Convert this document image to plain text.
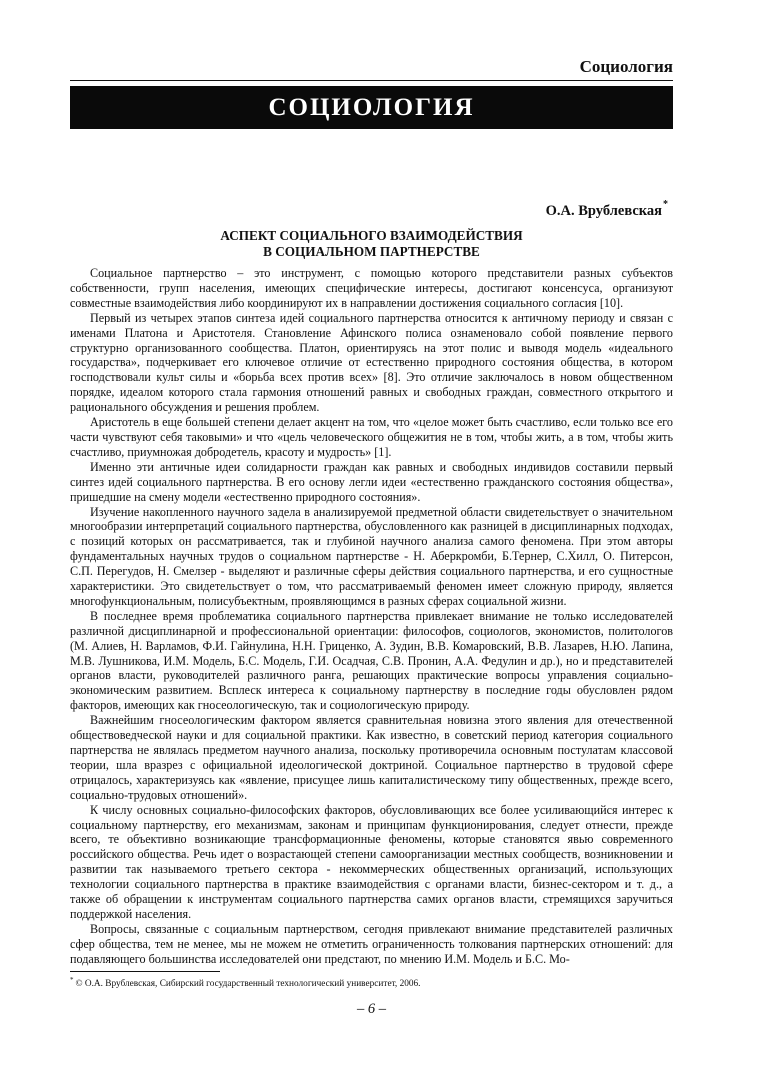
Социология
СОЦИОЛОГИЯ
О.А. Врублевская*
АСПЕКТ СОЦИАЛЬНОГО ВЗАИМОДЕЙСТВИЯ
В СОЦИАЛЬНОМ ПАРТНЕРСТВЕ

Социальное партнерство – это инструмент, с помощью которого представители разных субъектов собственности, групп населения, имеющих специфические интересы, достигают консенсуса, организуют совместные взаимодействия либо координируют их в направлении достижения социального согласия [10].

Первый из четырех этапов синтеза идей социального партнерства относится к античному периоду и связан с именами Платона и Аристотеля. Становление Афинского полиса ознаменовало собой появление первого структурно организованного сообщества. Платон, ориентируясь на этот полис и выводя модель «идеального государства», подчеркивает его ключевое отличие от естественно природного состояния общества, в котором господствовали культ силы и «борьба всех против всех» [8]. Это отличие заключалось в новом общественном порядке, идеалом которого стала гармония отношений равных и свободных граждан, совместного открытого и рационального обсуждения и решения проблем.

Аристотель в еще большей степени делает акцент на том, что «целое может быть счастливо, если только все его части чувствуют себя таковыми» и что «цель человеческого общежития не в том, чтобы жить, а в том, чтобы жить счастливо, приумножая добродетель, красоту и мудрость» [1].

Именно эти античные идеи солидарности граждан как равных и свободных индивидов составили первый синтез идей социального партнерства. В его основу легли идеи «естественно гражданского состояния общества», пришедшие на смену модели «естественно природного состояния».

Изучение накопленного научного задела в анализируемой предметной области свидетельствует о значительном многообразии интерпретаций социального партнерства, обусловленного как разницей в дисциплинарных подходах, с позиций которых он рассматривается, так и глубиной научного анализа самого феномена. При этом авторы фундаментальных научных трудов о социальном партнерстве - Н. Аберкромби, Б.Тернер, С.Хилл, О. Питерсон, С.П. Перегудов, Н. Смелзер - выделяют и различные сферы действия социального партнерства, и его сущностные характеристики. Это свидетельствует о том, что рассматриваемый феномен имеет сложную природу, является многофункциональным, полисубъектным, проявляющимся в разных сферах социальной жизни.

В последнее время проблематика социального партнерства привлекает внимание не только исследователей различной дисциплинарной и профессиональной ориентации: философов, социологов, экономистов, политологов (М. Алиев, Н. Варламов, Ф.И. Гайнулина, Н.Н. Гриценко, А. Зудин, В.В. Комаровский, В.В. Лазарев, Н.Ю. Лапина, М.В. Лушникова, И.М. Модель, Б.С. Модель, Г.И. Осадчая, С.В. Пронин, А.А. Федулин и др.), но и представителей органов власти, руководителей различного ранга, решающих практические вопросы управления социально-экономическим развитием. Всплеск интереса к социальному партнерству в последние годы обусловлен рядом факторов, имеющих как гносеологическую, так и социологическую природу.

Важнейшим гносеологическим фактором является сравнительная новизна этого явления для отечественной обществоведческой науки и для социальной практики. Как известно, в советский период категория социального партнерства не являлась предметом научного анализа, поскольку противоречила основным постулатам классовой теории, шла вразрез с официальной идеологической доктриной. Социальное партнерство в трудовой сфере отрицалось, характеризуясь как «явление, присущее лишь капиталистическому типу общественных, прежде всего, социально-трудовых отношений».

К числу основных социально-философских факторов, обусловливающих все более усиливающийся интерес к социальному партнерству, его механизмам, законам и принципам функционирования, следует отнести, прежде всего, те объективно возникающие трансформационные феномены, которые становятся явью современного российского общества. Речь идет о возрастающей степени самоорганизации местных сообществ, возникновении и развитии так называемого третьего сектора - некоммерческих общественных организаций, использующих технологии социального партнерства в практике взаимодействия с органами власти, бизнес-сектором и т. д., а также об обращении к инструментам социального партнерства самих органов власти, стремящихся заручиться поддержкой населения.

Вопросы, связанные с социальным партнерством, сегодня привлекают внимание представителей различных сфер общества, тем не менее, мы не можем не отметить ограниченность толкования партнерских отношений: для подавляющего большинства исследователей они предстают, по мнению И.М. Модель и Б.С. Мо-

* © О.А. Врублевская, Сибирский государственный технологический университет, 2006.
– 6 –
